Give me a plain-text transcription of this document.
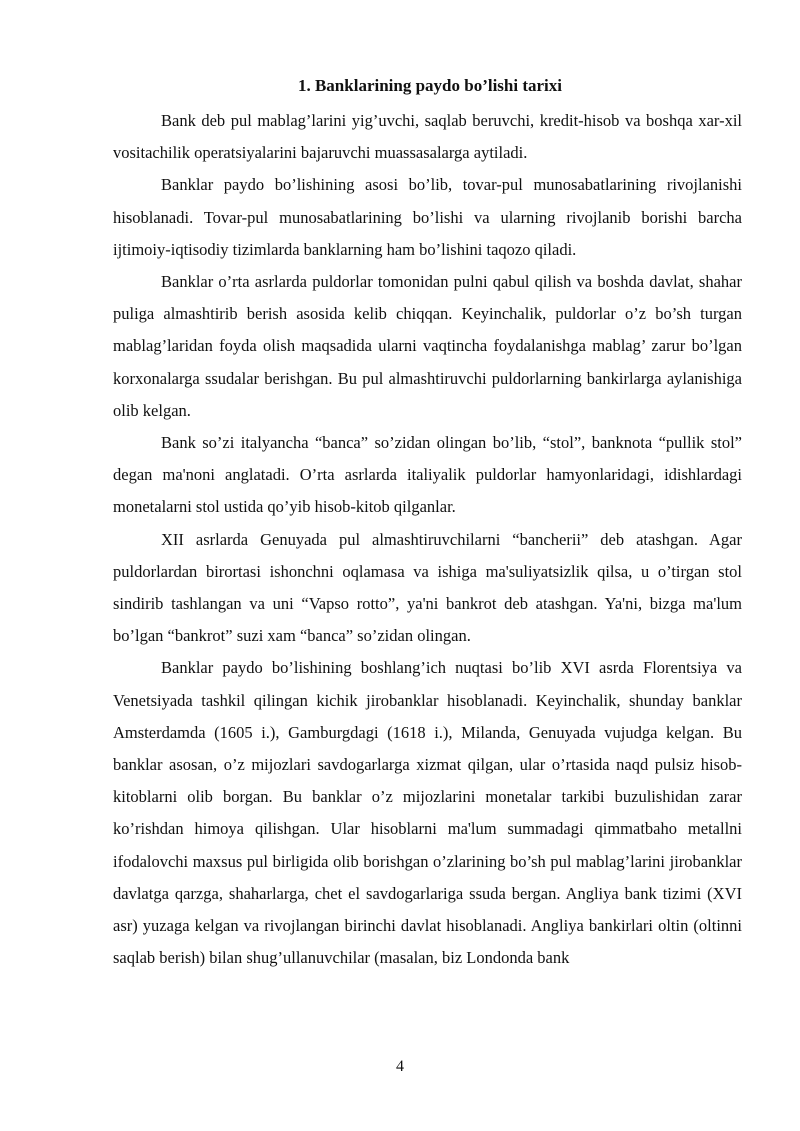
1. Banklarining paydo bo’lishi tarixi

Bank deb pul mablag’larini yig’uvchi, saqlab beruvchi, kredit-hisob va boshqa xar-xil vositachilik operatsiyalarini bajaruvchi muassasalarga aytiladi.

Banklar paydo bo’lishining asosi bo’lib, tovar-pul munosabatlarining rivojlanishi hisoblanadi. Tovar-pul munosabatlarining bo’lishi va ularning rivojlanib borishi barcha ijtimoiy-iqtisodiy tizimlarda banklarning ham bo’lishini taqozo qiladi.

Banklar o’rta asrlarda puldorlar tomonidan pulni qabul qilish va boshda davlat, shahar puliga almashtirib berish asosida kelib chiqqan. Keyinchalik, puldorlar o’z bo’sh turgan mablag’laridan foyda olish maqsadida ularni vaqtincha foydalanishga mablag’ zarur bo’lgan korxonalarga ssudalar berishgan. Bu pul almashtiruvchi puldorlarning bankirlarga aylanishiga olib kelgan.

Bank so’zi italyancha “banca” so’zidan olingan bo’lib, “stol”, banknota “pullik stol” degan ma'noni anglatadi. O’rta asrlarda italiyalik puldorlar hamyonlaridagi, idishlardagi monetalarni stol ustida qo’yib hisob-kitob qilganlar.

XII asrlarda Genuyada pul almashtiruvchilarni “bancherii” deb atashgan. Agar puldorlardan birortasi ishonchni oqlamasa va ishiga ma'suliyatsizlik qilsa, u o’tirgan stol sindirib tashlangan va uni “Vapso rotto”, ya'ni bankrot deb atashgan. Ya'ni, bizga ma'lum bo’lgan “bankrot” suzi xam “banca” so’zidan olingan.

Banklar paydo bo’lishining boshlang’ich nuqtasi bo’lib XVI asrda Florentsiya va Venetsiyada tashkil qilingan kichik jirobanklar hisoblanadi. Keyinchalik, shunday banklar Amsterdamda (1605 i.), Gamburgdagi (1618 i.), Milanda, Genuyada vujudga kelgan. Bu banklar asosan, o’z mijozlari savdogarlarga xizmat qilgan, ular o’rtasida naqd pulsiz hisob-kitoblarni olib borgan. Bu banklar o’z mijozlarini monetalar tarkibi buzulishidan zarar ko’rishdan himoya qilishgan. Ular hisoblarni ma'lum summadagi qimmatbaho metallni ifodalovchi maxsus pul birligida olib borishgan o’zlarining bo’sh pul mablag’larini jirobanklar davlatga qarzga, shaharlarga, chet el savdogarlariga ssuda bergan. Angliya bank tizimi (XVI asr) yuzaga kelgan va rivojlangan birinchi davlat hisoblanadi. Angliya bankirlari oltin (oltinni saqlab berish) bilan shug’ullanuvchilar (masalan, biz Londonda bank

4
